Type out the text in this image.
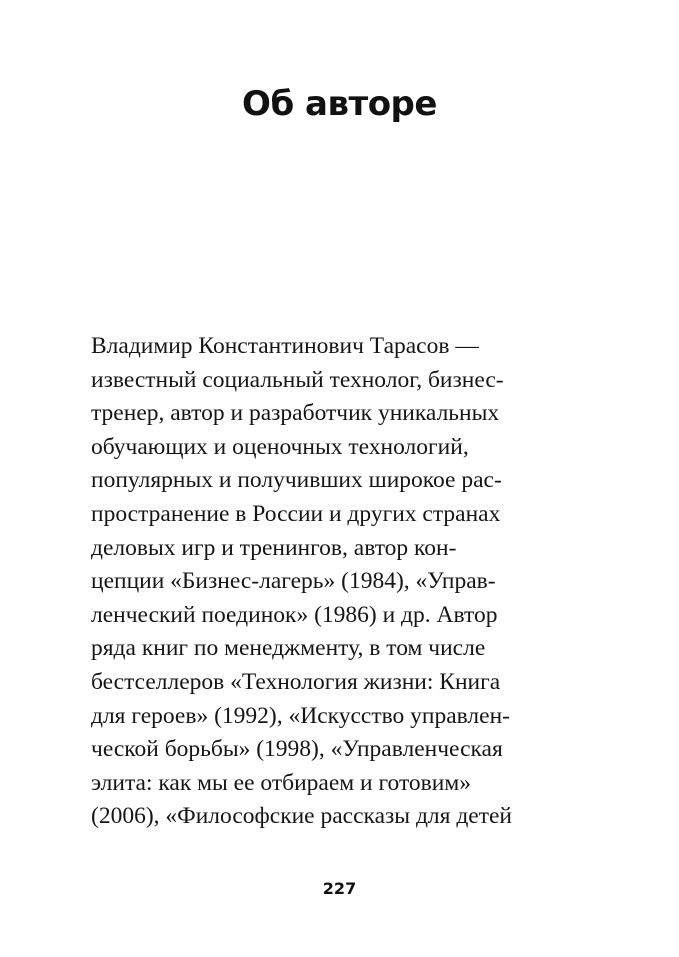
Об авторе
Владимир Константинович Тарасов —
известный социальный технолог, бизнес-
тренер, автор и разработчик уникальных
обучающих и оценочных технологий,
популярных и получивших широкое рас-
пространение в России и других странах
деловых игр и тренингов, автор кон-
цепции «Бизнес-лагерь» (1984), «Управ-
ленческий поединок» (1986) и др. Автор
ряда книг по менеджменту, в том числе
бестселлеров «Технология жизни: Книга
для героев» (1992), «Искусство управлен-
ческой борьбы» (1998), «Управленческая
элита: как мы ее отбираем и готовим»
(2006), «Философские рассказы для детей
227
